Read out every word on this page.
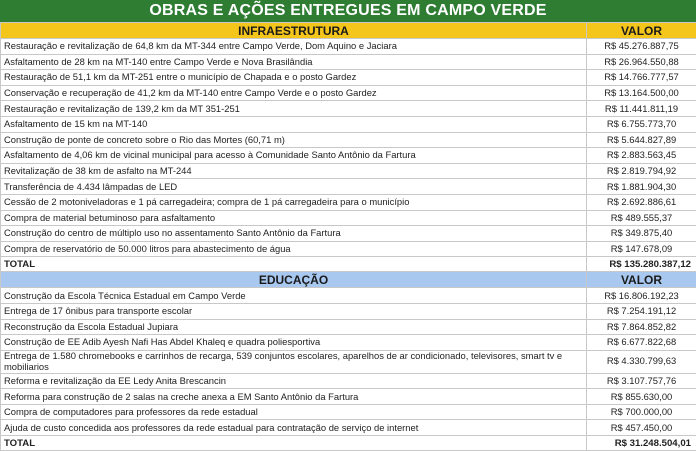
OBRAS E AÇÕES ENTREGUES EM CAMPO VERDE
INFRAESTRUTURA	VALOR
Restauração e revitalização de 64,8 km da MT-344 entre Campo Verde, Dom Aquino e Jaciara	R$ 45.276.887,75
Asfaltamento de 28 km na MT-140 entre Campo Verde e Nova Brasilândia	R$ 26.964.550,88
Restauração de 51,1 km da MT-251 entre o município de Chapada e o posto Gardez	R$ 14.766.777,57
Conservação e recuperação de 41,2 km da MT-140 entre Campo Verde e o posto Gardez	R$ 13.164.500,00
Restauração e revitalização de 139,2 km da MT 351-251	R$ 11.441.811,19
Asfaltamento de 15 km na MT-140	R$ 6.755.773,70
Construção de ponte de concreto sobre o Rio das Mortes (60,71 m)	R$ 5.644.827,89
Asfaltamento de 4,06 km de vicinal municipal para acesso à Comunidade Santo Antônio da Fartura	R$ 2.883.563,45
Revitalização de 38 km de asfalto na MT-244	R$ 2.819.794,92
Transferência de 4.434 lâmpadas de LED	R$ 1.881.904,30
Cessão de 2 motoniveladoras e 1 pá carregadeira; compra de 1 pá carregadeira para o município	R$ 2.692.886,61
Compra de material betuminoso para asfaltamento	R$ 489.555,37
Construção do centro de múltiplo uso no assentamento Santo Antônio da Fartura	R$ 349.875,40
Compra de reservatório de 50.000 litros para abastecimento de água	R$ 147.678,09
TOTAL	R$ 135.280.387,12
EDUCAÇÃO	VALOR
Construção da Escola Técnica Estadual em Campo Verde	R$ 16.806.192,23
Entrega de 17 ônibus para transporte escolar	R$ 7.254.191,12
Reconstrução da Escola Estadual Jupiara	R$ 7.864.852,82
Construção de EE Adib Ayesh Nafi Has Abdel Khaleq e quadra poliesportiva	R$ 6.677.822,68
Entrega de 1.580 chromebooks e carrinhos de recarga, 539 conjuntos escolares, aparelhos de ar condicionado, televisores, smart tv e mobiliarios	R$ 4.330.799,63
Reforma e revitalização da EE Ledy Anita Brescancin	R$ 3.107.757,76
Reforma para construção de 2 salas na creche anexa a EM Santo Antônio da Fartura	R$ 855.630,00
Compra de computadores para professores da rede estadual	R$ 700.000,00
Ajuda de custo concedida aos professores da rede estadual para contratação de serviço de internet	R$ 457.450,00
TOTAL	R$ 31.248.504,01
